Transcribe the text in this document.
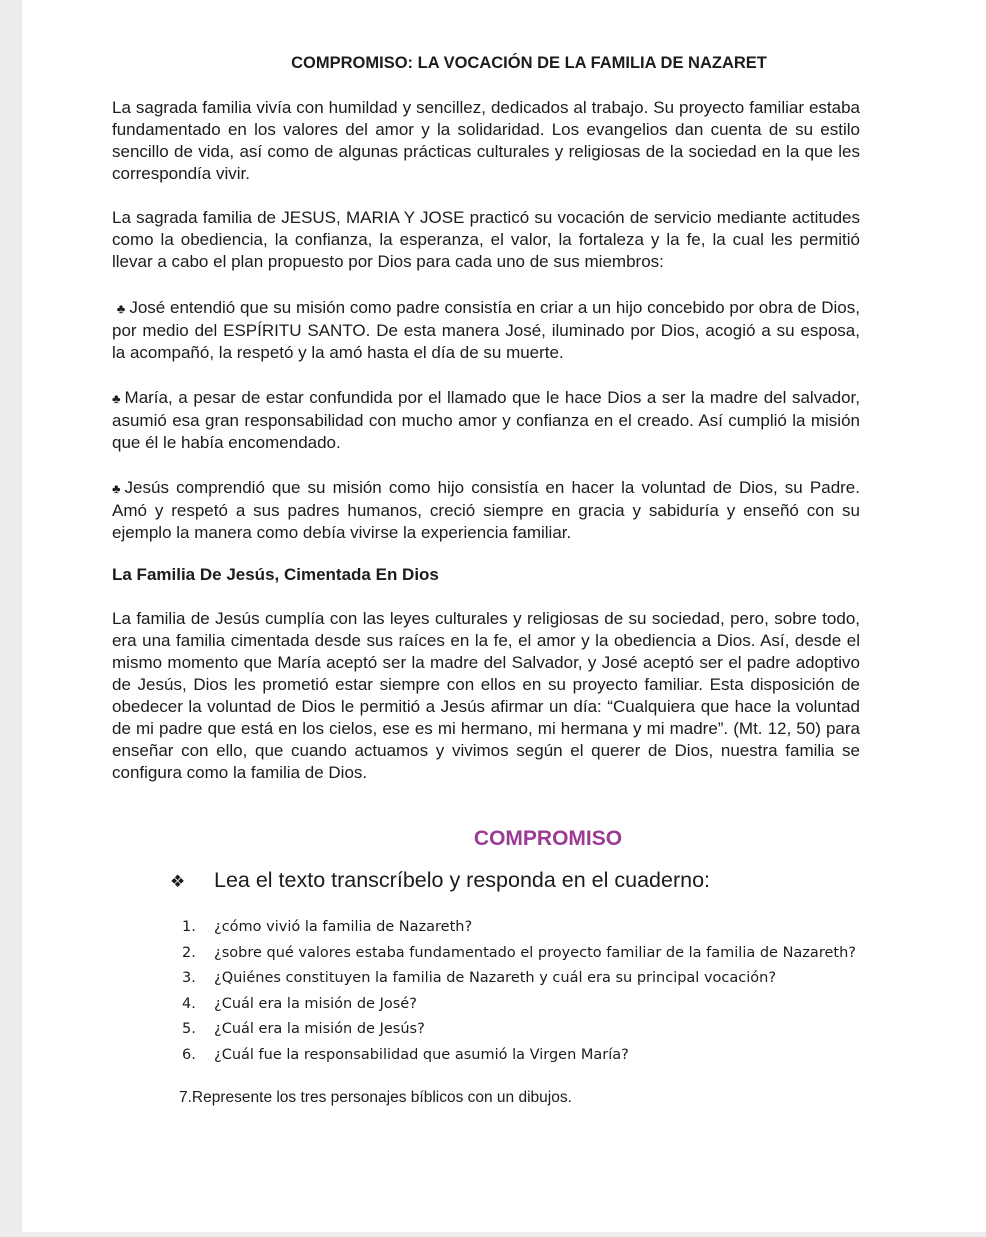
COMPROMISO: LA VOCACIÓN DE LA FAMILIA DE NAZARET

La sagrada familia vivía con humildad y sencillez, dedicados al trabajo. Su proyecto familiar estaba fundamentado en los valores del amor y la solidaridad. Los evangelios dan cuenta de su estilo sencillo de vida, así como de algunas prácticas culturales y religiosas de la sociedad en la que les correspondía vivir.

La sagrada familia de JESUS, MARIA Y JOSE practicó su vocación de servicio mediante actitudes como la obediencia, la confianza, la esperanza, el valor, la fortaleza y la fe, la cual les permitió llevar a cabo el plan propuesto por Dios para cada uno de sus miembros:

♣ José entendió que su misión como padre consistía en criar a un hijo concebido por obra de Dios, por medio del ESPÍRITU SANTO. De esta manera José, iluminado por Dios, acogió a su esposa, la acompañó, la respetó y la amó hasta el día de su muerte.

♣ María, a pesar de estar confundida por el llamado que le hace Dios a ser la madre del salvador, asumió esa gran responsabilidad con mucho amor y confianza en el creado. Así cumplió la misión que él le había encomendado.

♣ Jesús comprendió que su misión como hijo consistía en hacer la voluntad de Dios, su Padre. Amó y respetó a sus padres humanos, creció siempre en gracia y sabiduría y enseñó con su ejemplo la manera como debía vivirse la experiencia familiar.

La Familia De Jesús, Cimentada En Dios

La familia de Jesús cumplía con las leyes culturales y religiosas de su sociedad, pero, sobre todo, era una familia cimentada desde sus raíces en la fe, el amor y la obediencia a Dios. Así, desde el mismo momento que María aceptó ser la madre del Salvador, y José aceptó ser el padre adoptivo de Jesús, Dios les prometió estar siempre con ellos en su proyecto familiar. Esta disposición de obedecer la voluntad de Dios le permitió a Jesús afirmar un día: “Cualquiera que hace la voluntad de mi padre que está en los cielos, ese es mi hermano, mi hermana y mi madre”. (Mt. 12, 50) para enseñar con ello, que cuando actuamos y vivimos según el querer de Dios, nuestra familia se configura como la familia de Dios.

COMPROMISO
❖ Lea el texto transcríbelo y responda en el cuaderno:
1. ¿cómo vivió la familia de Nazareth?
2. ¿sobre qué valores estaba fundamentado el proyecto familiar de la familia de Nazareth?
3. ¿Quiénes constituyen la familia de Nazareth y cuál era su principal vocación?
4. ¿Cuál era la misión de José?
5. ¿Cuál era la misión de Jesús?
6. ¿Cuál fue la responsabilidad que asumió la Virgen María?
7.Represente los tres personajes bíblicos con un dibujos.
